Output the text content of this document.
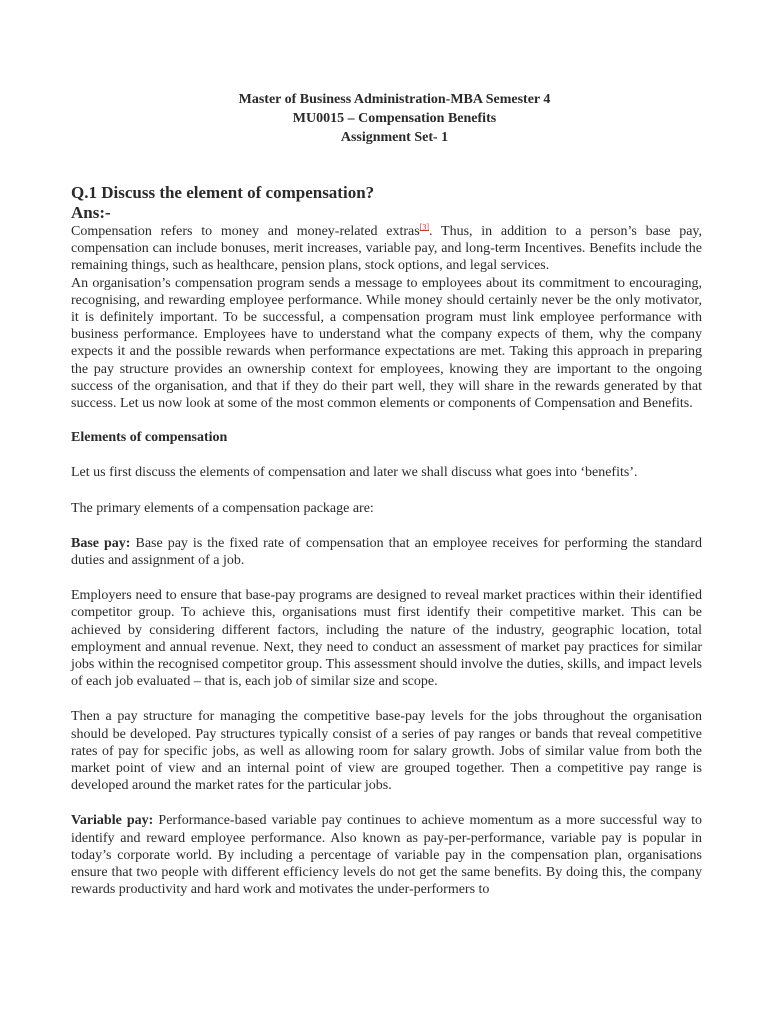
Master of Business Administration-MBA Semester 4
MU0015 – Compensation Benefits
Assignment Set- 1
Q.1 Discuss the element of compensation?
Ans:-

Compensation refers to money and money-related extras[3]. Thus, in addition to a person’s base pay, compensation can include bonuses, merit increases, variable pay, and long-term Incentives. Benefits include the remaining things, such as healthcare, pension plans, stock options, and legal services.

An organisation’s compensation program sends a message to employees about its commitment to encouraging, recognising, and rewarding employee performance. While money should certainly never be the only motivator, it is definitely important. To be successful, a compensation program must link employee performance with business performance. Employees have to understand what the company expects of them, why the company expects it and the possible rewards when performance expectations are met. Taking this approach in preparing the pay structure provides an ownership context for employees, knowing they are important to the ongoing success of the organisation, and that if they do their part well, they will share in the rewards generated by that success. Let us now look at some of the most common elements or components of Compensation and Benefits.

Elements of compensation

Let us first discuss the elements of compensation and later we shall discuss what goes into ‘benefits’.

The primary elements of a compensation package are:

Base pay: Base pay is the fixed rate of compensation that an employee receives for performing the standard duties and assignment of a job.

Employers need to ensure that base-pay programs are designed to reveal market practices within their identified competitor group. To achieve this, organisations must first identify their competitive market. This can be achieved by considering different factors, including the nature of the industry, geographic location, total employment and annual revenue. Next, they need to conduct an assessment of market pay practices for similar jobs within the recognised competitor group. This assessment should involve the duties, skills, and impact levels of each job evaluated – that is, each job of similar size and scope.

Then a pay structure for managing the competitive base-pay levels for the jobs throughout the organisation should be developed. Pay structures typically consist of a series of pay ranges or bands that reveal competitive rates of pay for specific jobs, as well as allowing room for salary growth. Jobs of similar value from both the market point of view and an internal point of view are grouped together. Then a competitive pay range is developed around the market rates for the particular jobs.

Variable pay: Performance-based variable pay continues to achieve momentum as a more successful way to identify and reward employee performance. Also known as pay-per-performance, variable pay is popular in today’s corporate world. By including a percentage of variable pay in the compensation plan, organisations ensure that two people with different efficiency levels do not get the same benefits. By doing this, the company rewards productivity and hard work and motivates the under-performers to
